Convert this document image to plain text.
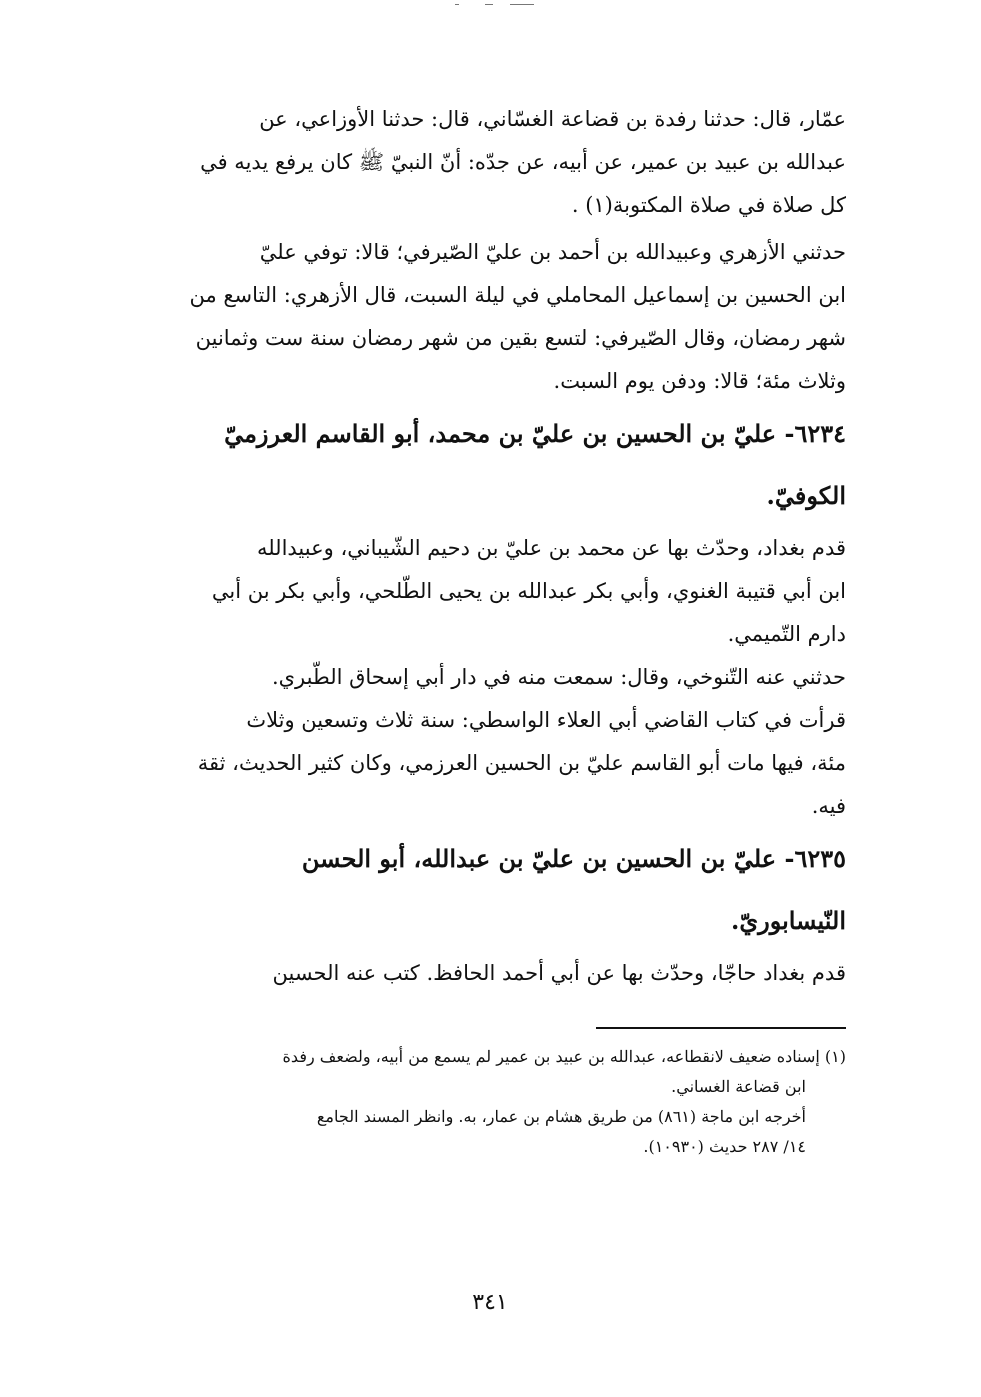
عمّار، قال: حدثنا رفدة بن قضاعة الغسّاني، قال: حدثنا الأوزاعي، عن
عبدالله بن عبيد بن عمير، عن أبيه، عن جدّه: أنّ النبيّ ﷺ كان يرفع يديه في
كل صلاة في صلاة المكتوبة(١) .
حدثني الأزهري وعبيدالله بن أحمد بن عليّ الصّيرفي؛ قالا: توفي عليّ
ابن الحسين بن إسماعيل المحاملي في ليلة السبت، قال الأزهري: التاسع من
شهر رمضان، وقال الصّيرفي: لتسع بقين من شهر رمضان سنة ست وثمانين
وثلاث مئة؛ قالا: ودفن يوم السبت.
٦٢٣٤- عليّ بن الحسين بن عليّ بن محمد، أبو القاسم العرزميّ
الكوفيّ.
قدم بغداد، وحدّث بها عن محمد بن عليّ بن دحيم الشّيباني، وعبيدالله
ابن أبي قتيبة الغنوي، وأبي بكر عبدالله بن يحيى الطّلحي، وأبي بكر بن أبي
دارم التّميمي.
حدثني عنه التّنوخي، وقال: سمعت منه في دار أبي إسحاق الطّبري.
قرأت في كتاب القاضي أبي العلاء الواسطي: سنة ثلاث وتسعين وثلاث
مئة، فيها مات أبو القاسم عليّ بن الحسين العرزمي، وكان كثير الحديث، ثقة
فيه.
٦٢٣٥- عليّ بن الحسين بن عليّ بن عبدالله، أبو الحسن
النّيسابوريّ.
قدم بغداد حاجّا، وحدّث بها عن أبي أحمد الحافظ. كتب عنه الحسين
(١) إسناده ضعيف لانقطاعه، عبدالله بن عبيد بن عمير لم يسمع من أبيه، ولضعف رفدة
ابن قضاعة الغساني.
أخرجه ابن ماجة (٨٦١) من طريق هشام بن عمار، به. وانظر المسند الجامع
١٤/ ٢٨٧ حديث (١٠٩٣٠).
٣٤١
